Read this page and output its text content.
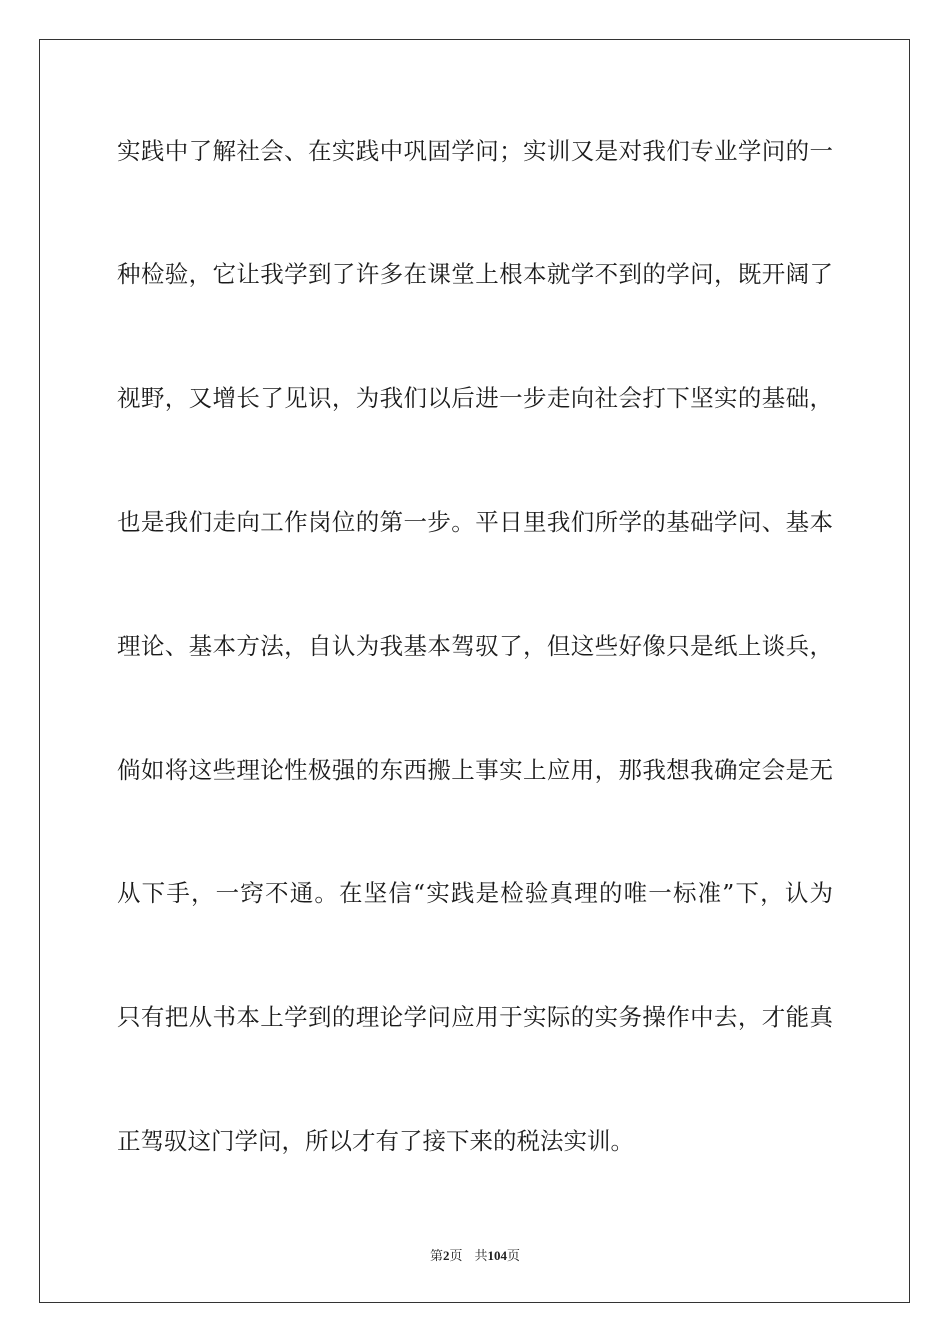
实践中了解社会、在实践中巩固学问；实训又是对我们专业学问的一
种检验，它让我学到了许多在课堂上根本就学不到的学问，既开阔了
视野，又增长了见识，为我们以后进一步走向社会打下坚实的基础，
也是我们走向工作岗位的第一步。平日里我们所学的基础学问、基本
理论、基本方法，自认为我基本驾驭了，但这些好像只是纸上谈兵，
倘如将这些理论性极强的东西搬上事实上应用，那我想我确定会是无
从下手，一窍不通。在坚信“实践是检验真理的唯一标准”下，认为
只有把从书本上学到的理论学问应用于实际的实务操作中去，才能真
正驾驭这门学问，所以才有了接下来的税法实训。
第2页 共104页
